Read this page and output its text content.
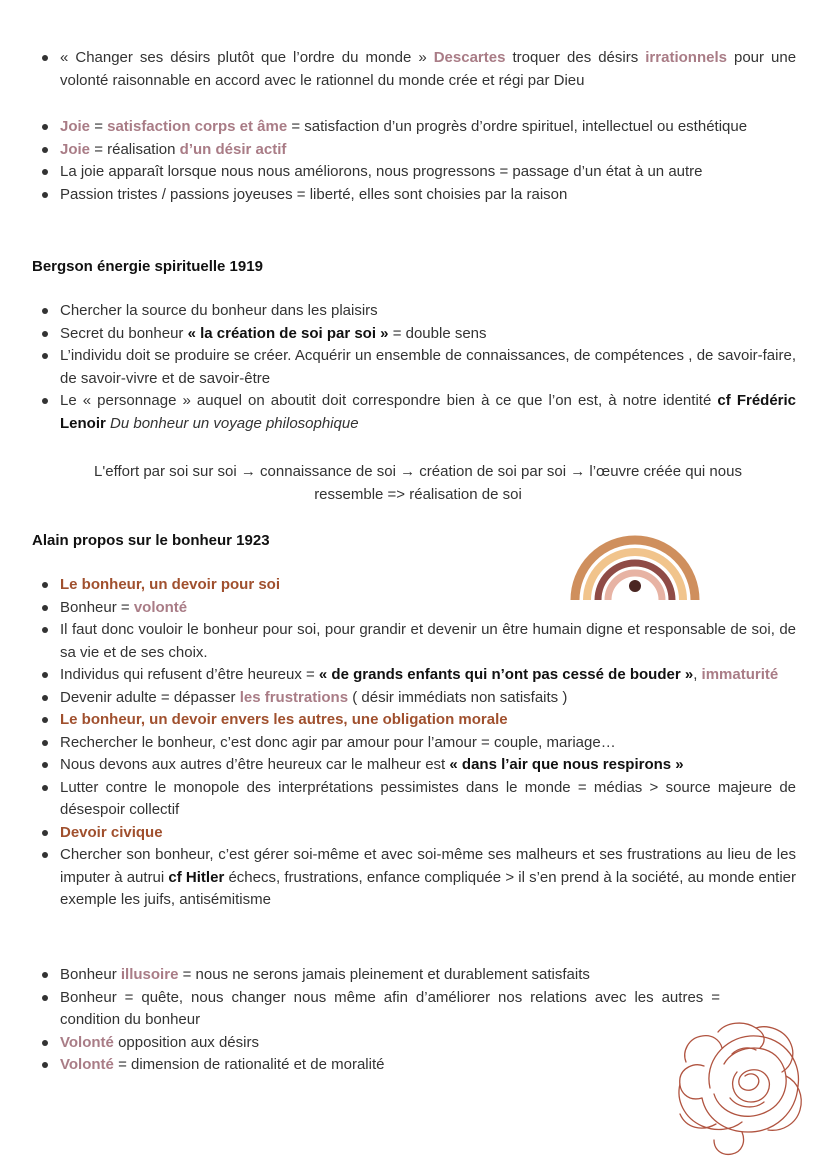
« Changer ses désirs plutôt que l’ordre du monde » Descartes troquer des désirs irrationnels pour une volonté raisonnable en accord avec le rationnel du monde crée et régi par Dieu
Joie = satisfaction corps et âme = satisfaction d’un progrès d’ordre spirituel, intellectuel ou esthétique
Joie = réalisation d’un désir actif
La joie apparaît lorsque nous nous améliorons, nous progressons = passage d’un état à un autre
Passion tristes / passions joyeuses = liberté, elles sont choisies par la raison
Bergson énergie spirituelle 1919
Chercher la source du bonheur dans les plaisirs
Secret du bonheur « la création de soi par soi » = double sens
L’individu doit se produire se créer. Acquérir un ensemble de connaissances, de compétences , de savoir-faire, de savoir-vivre et de savoir-être
Le « personnage » auquel on aboutit doit correspondre bien à ce que l’on est, à notre identité cf Frédéric Lenoir Du bonheur un voyage philosophique
L'effort par soi sur soi → connaissance de soi → création de soi par soi → l’œuvre créée qui nous
ressemble => réalisation de soi
Alain propos sur le bonheur 1923
Le bonheur, un devoir pour soi
Bonheur = volonté
Il faut donc vouloir le bonheur pour soi, pour grandir et devenir un être humain digne et responsable de soi, de sa vie et de ses choix.
Individus qui refusent d’être heureux = « de grands enfants qui n’ont pas cessé de bouder », immaturité
Devenir adulte = dépasser les frustrations ( désir immédiats non satisfaits )
Le bonheur, un devoir envers les autres, une obligation morale
Rechercher le bonheur, c’est donc agir par amour pour l’amour = couple, mariage…
Nous devons aux autres d’être heureux car le malheur est « dans l’air que nous respirons »
Lutter contre le monopole des interprétations pessimistes dans le monde = médias > source majeure de désespoir collectif
Devoir civique
Chercher son bonheur, c’est gérer soi-même et avec soi-même ses malheurs et ses frustrations au lieu de les imputer à autrui cf Hitler échecs, frustrations, enfance compliquée > il s’en prend à la société, au monde entier exemple les juifs, antisémitisme
Bonheur illusoire = nous ne serons jamais pleinement et durablement satisfaits
Bonheur = quête, nous changer nous même afin d’améliorer nos relations avec les autres = condition du bonheur
Volonté opposition aux désirs
Volonté = dimension de rationalité et de moralité
